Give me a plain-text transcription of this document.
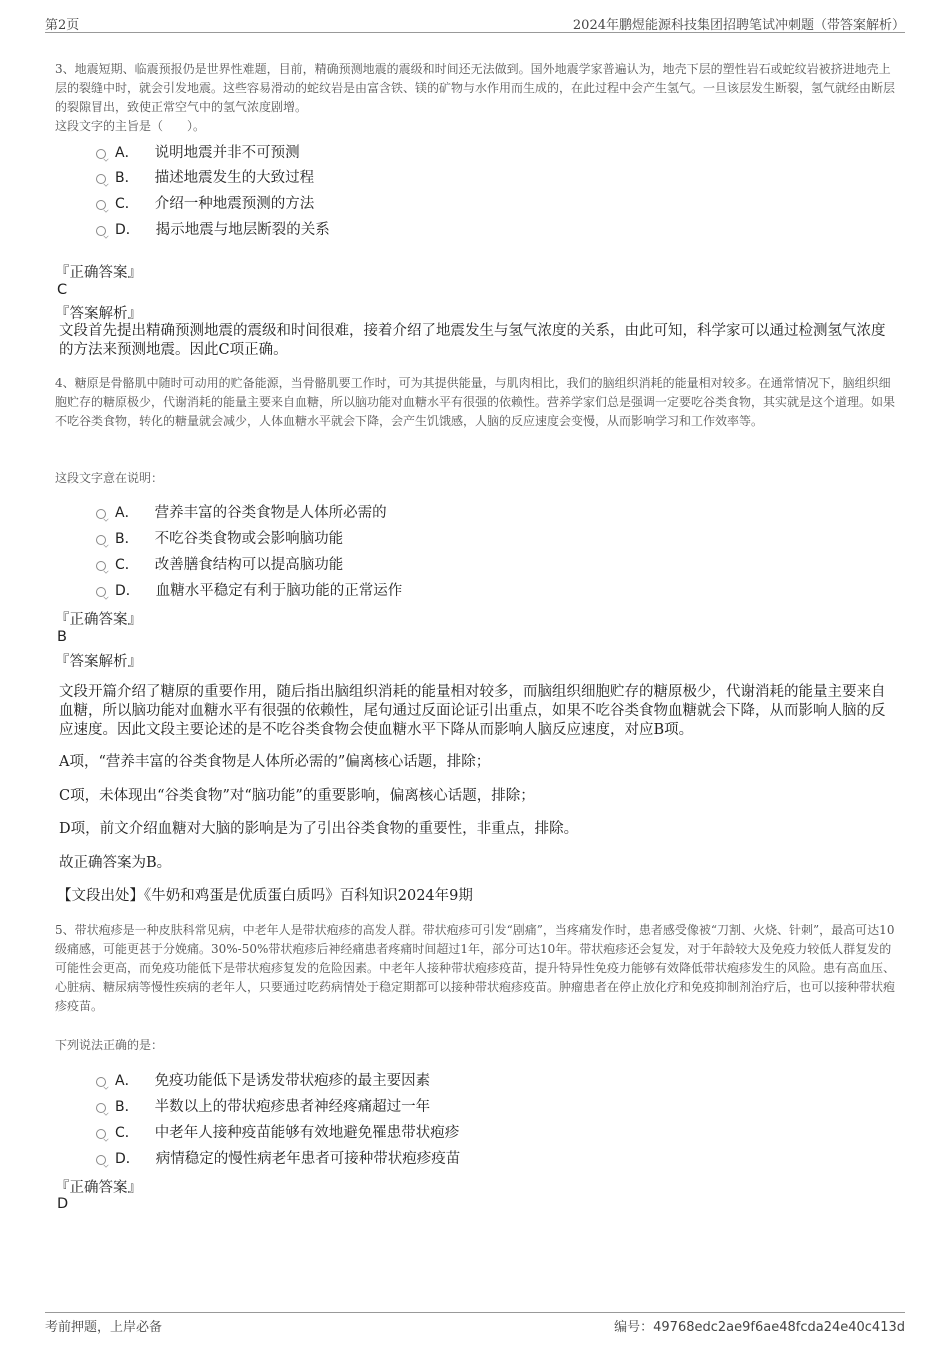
第2页	2024年鹏煜能源科技集团招聘笔试冲刺题（带答案解析）

3、地震短期、临震预报仍是世界性难题，目前，精确预测地震的震级和时间还无法做到。国外地震学家普遍认为，地壳下层的塑性岩石或蛇纹岩被挤进地壳上层的裂缝中时，就会引发地震。这些容易滑动的蛇纹岩是由富含铁、镁的矿物与水作用而生成的，在此过程中会产生氢气。一旦该层发生断裂，氢气就经由断层的裂隙冒出，致使正常空气中的氢气浓度剧增。

这段文字的主旨是（　　）。

A． 说明地震并非不可预测
B． 描述地震发生的大致过程
C． 介绍一种地震预测的方法
D． 揭示地震与地层断裂的关系
『正确答案』
C
『答案解析』

文段首先提出精确预测地震的震级和时间很难，接着介绍了地震发生与氢气浓度的关系，由此可知，科学家可以通过检测氢气浓度的方法来预测地震。因此C项正确。

4、糖原是骨骼肌中随时可动用的贮备能源，当骨骼肌要工作时，可为其提供能量，与肌肉相比，我们的脑组织消耗的能量相对较多。在通常情况下，脑组织细胞贮存的糖原极少，代谢消耗的能量主要来自血糖，所以脑功能对血糖水平有很强的依赖性。营养学家们总是强调一定要吃谷类食物，其实就是这个道理。如果不吃谷类食物，转化的糖量就会减少，人体血糖水平就会下降，会产生饥饿感，人脑的反应速度会变慢，从而影响学习和工作效率等。

这段文字意在说明：
A． 营养丰富的谷类食物是人体所必需的
B． 不吃谷类食物或会影响脑功能
C． 改善膳食结构可以提高脑功能
D． 血糖水平稳定有利于脑功能的正常运作
『正确答案』
B
『答案解析』

文段开篇介绍了糖原的重要作用，随后指出脑组织消耗的能量相对较多，而脑组织细胞贮存的糖原极少，代谢消耗的能量主要来自血糖，所以脑功能对血糖水平有很强的依赖性，尾句通过反面论证引出重点，如果不吃谷类食物血糖就会下降，从而影响人脑的反应速度。因此文段主要论述的是不吃谷类食物会使血糖水平下降从而影响人脑反应速度，对应B项。

A项，“营养丰富的谷类食物是人体所必需的”偏离核心话题，排除；

C项，未体现出“谷类食物”对“脑功能”的重要影响，偏离核心话题，排除；

D项，前文介绍血糖对大脑的影响是为了引出谷类食物的重要性，非重点，排除。

故正确答案为B。

【文段出处】《牛奶和鸡蛋是优质蛋白质吗》百科知识2024年9期

5、带状疱疹是一种皮肤科常见病，中老年人是带状疱疹的高发人群。带状疱疹可引发“剧痛”，当疼痛发作时，患者感受像被“刀割、火烧、针刺”，最高可达10级痛感，可能更甚于分娩痛。30%-50%带状疱疹后神经痛患者疼痛时间超过1年，部分可达10年。带状疱疹还会复发，对于年龄较大及免疫力较低人群复发的可能性会更高，而免疫功能低下是带状疱疹复发的危险因素。中老年人接种带状疱疹疫苗，提升特异性免疫力能够有效降低带状疱疹发生的风险。患有高血压、心脏病、糖尿病等慢性疾病的老年人，只要通过吃药病情处于稳定期都可以接种带状疱疹疫苗。肿瘤患者在停止放化疗和免疫抑制剂治疗后，也可以接种带状疱疹疫苗。

下列说法正确的是：
A． 免疫功能低下是诱发带状疱疹的最主要因素
B． 半数以上的带状疱疹患者神经疼痛超过一年
C． 中老年人接种疫苗能够有效地避免罹患带状疱疹
D． 病情稳定的慢性病老年患者可接种带状疱疹疫苗
『正确答案』
D
考前押题，上岸必备	编号：49768edc2ae9f6ae48fcda24e40c413d
